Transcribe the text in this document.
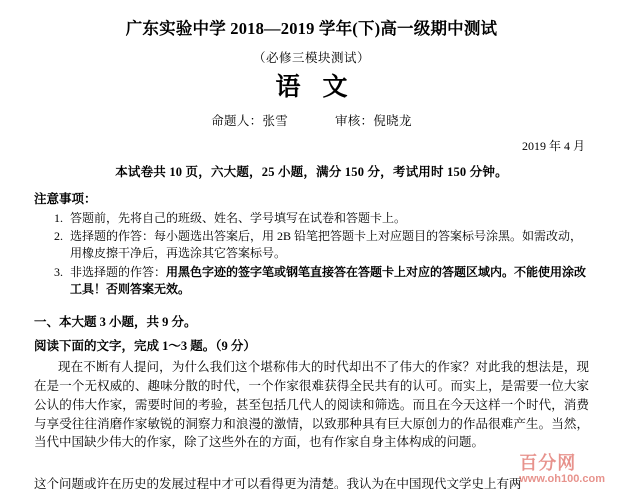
广东实验中学 2018—2019 学年(下)高一级期中测试
（必修三模块测试）
语文
命题人：张雪	审核：倪晓龙
2019 年 4 月
本试卷共 10 页，六大题，25 小题，满分 150 分，考试用时 150 分钟。
注意事项：
1. 答题前，先将自己的班级、姓名、学号填写在试卷和答题卡上。
2. 选择题的作答：每小题选出答案后，用 2B 铅笔把答题卡上对应题目的答案标号涂黑。如需改动，用橡皮擦干净后，再选涂其它答案标号。
3. 非选择题的作答：用黑色字迹的签字笔或钢笔直接答在答题卡上对应的答题区域内。不能使用涂改工具！否则答案无效。
一、本大题 3 小题，共 9 分。
阅读下面的文字，完成 1～3 题。（9 分）
现在不断有人提问，为什么我们这个堪称伟大的时代却出不了伟大的作家？对此我的想法是，现在是一个无权威的、趣味分散的时代，一个作家很难获得全民共有的认可。而实上，是需要一位大家公认的伟大作家，需要时间的考验，甚至包括几代人的阅读和筛选。而且在今天这样一个时代，消费与享受往往消磨作家敏锐的洞察力和浪漫的激情，以致那种具有巨大原创力的作品很难产生。当然，当代中国缺少伟大的作家，除了这些外在的方面，也有作家自身主体构成的问题。
这个问题或许在历史的发展过程中才可以看得更为清楚。我认为在中国现代文学史上有两
百分网
www.oh100.com
